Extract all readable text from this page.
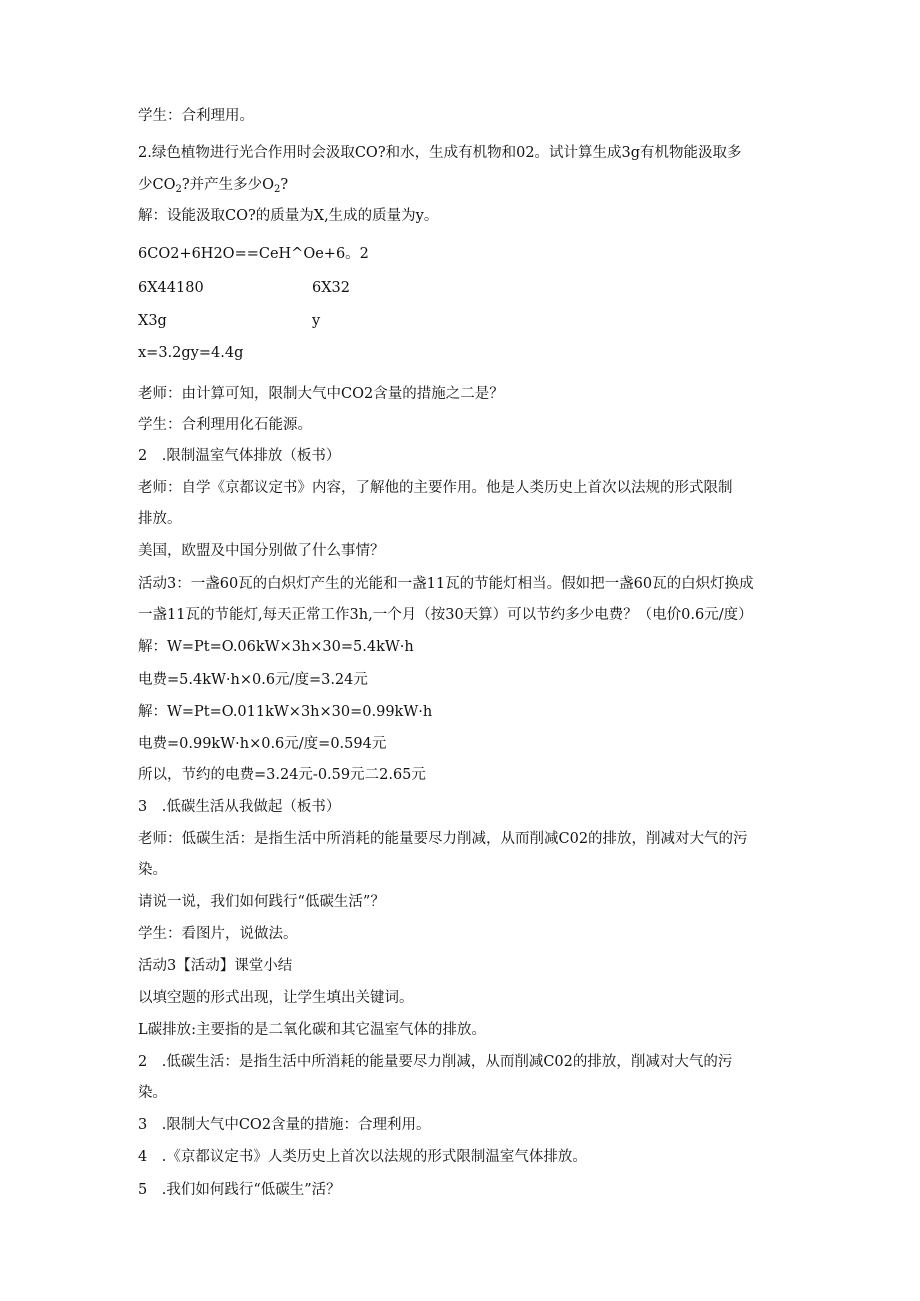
学生：合利理用。
2.绿色植物进行光合作用时会汲取CO?和水，生成有机物和02。试计算生成3g有机物能汲取多
少$CO_2$?并产生多少$O_2$?
解：设能汲取CO?的质量为X,生成的质量为y。
6CO2+6H2O==CeH^Oe+6。2
6X44180	6X32
X3g	y
x=3.2gy=4.4g
老师：由计算可知，限制大气中CO2含量的措施之二是？
学生：合利理用化石能源。
2　.限制温室气体排放（板书）
老师：自学《京都议定书》内容，了解他的主要作用。他是人类历史上首次以法规的形式限制
排放。
美国，欧盟及中国分别做了什么事情？
活动3：一盏60瓦的白炽灯产生的光能和一盏11瓦的节能灯相当。假如把一盏60瓦的白炽灯换成
一盏11瓦的节能灯,每天正常工作3h,一个月（按30天算）可以节约多少电费？（电价0.6元/度）
解：W=Pt=O.06kW×3h×30=5.4kW·h
电费=5.4kW·h×0.6元/度=3.24元
解：W=Pt=O.011kW×3h×30=0.99kW·h
电费=0.99kW·h×0.6元/度=0.594元
所以，节约的电费=3.24元-0.59元二2.65元
3　.低碳生活从我做起（板书）
老师：低碳生活：是指生活中所消耗的能量要尽力削减，从而削减C02的排放，削减对大气的污
染。
请说一说，我们如何践行“低碳生活”？
学生：看图片，说做法。
活动3【活动】课堂小结
以填空题的形式出现，让学生填出关键词。
L碳排放:主要指的是二氧化碳和其它温室气体的排放。
2　.低碳生活：是指生活中所消耗的能量要尽力削减，从而削减C02的排放，削减对大气的污
染。
3　.限制大气中CO2含量的措施：合理利用。
4　.《京都议定书》人类历史上首次以法规的形式限制温室气体排放。
5　.我们如何践行“低碳生”活？
